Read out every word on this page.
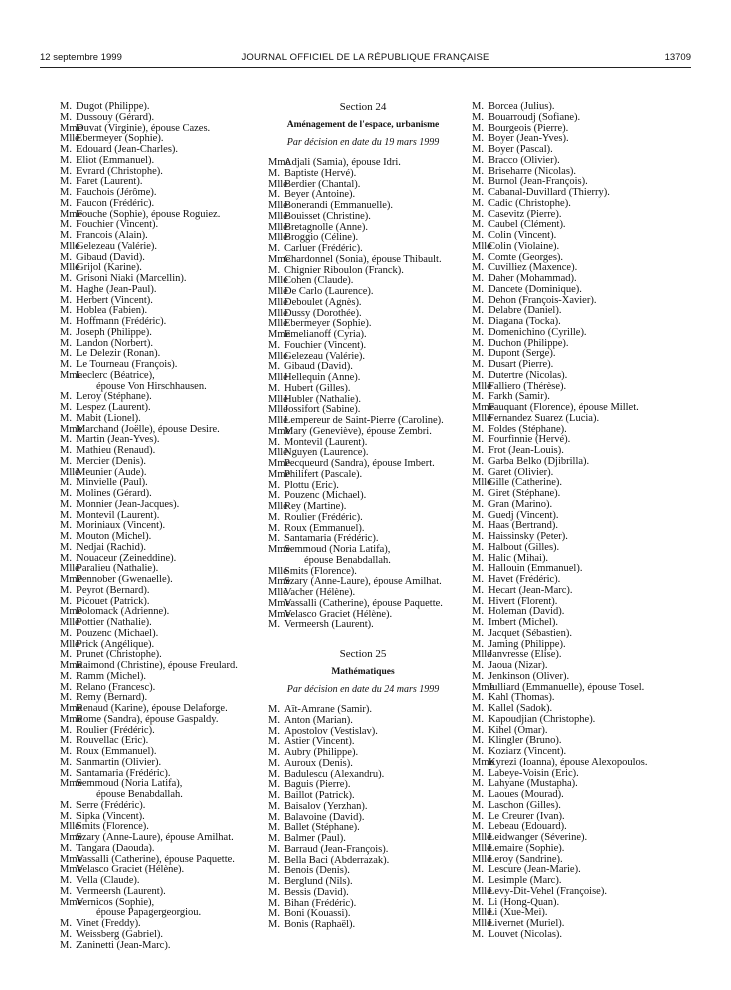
12 septembre 1999	JOURNAL OFFICIEL DE LA RÉPUBLIQUE FRANÇAISE	13709
M. Dugot (Philippe).
M. Dussouy (Gérard).
MmeDuvat (Virginie), épouse Cazes.
MlleEbermeyer (Sophie).
M. Edouard (Jean-Charles).
M. Eliot (Emmanuel).
M. Evrard (Christophe).
M. Faret (Laurent).
M. Fauchois (Jérôme).
M. Faucon (Frédéric).
MmeFouche (Sophie), épouse Roguiez.
M. Fouchier (Vincent).
M. Francois (Alain).
MlleGelezeau (Valérie).
M. Gibaud (David).
MlleGrijol (Karine).
M. Grisoni Niaki (Marcellin).
M. Haghe (Jean-Paul).
M. Herbert (Vincent).
M. Hoblea (Fabien).
M. Hoffmann (Frédéric).
M. Joseph (Philippe).
M. Landon (Norbert).
M. Le Delezir (Ronan).
M. Le Tourneau (François).
MmeLeclerc (Béatrice),
épouse Von Hirschhausen.
M. Leroy (Stéphane).
M. Lespez (Laurent).
M. Mabit (Lionel).
MmeMarchand (Joëlle), épouse Desire.
M. Martin (Jean-Yves).
M. Mathieu (Renaud).
M. Mercier (Denis).
MlleMeunier (Aude).
M. Minvielle (Paul).
M. Molines (Gérard).
M. Monnier (Jean-Jacques).
M. Montevil (Laurent).
M. Moriniaux (Vincent).
M. Mouton (Michel).
M. Nedjai (Rachid).
M. Nouaceur (Zeineddine).
MlleParalieu (Nathalie).
MmePennober (Gwenaelle).
M. Peyrot (Bernard).
M. Picouet (Patrick).
MmePolomack (Adrienne).
MllePottier (Nathalie).
M. Pouzenc (Michael).
MllePrick (Angélique).
M. Prunet (Christophe).
MmeRaimond (Christine), épouse Freulard.
M. Ramm (Michel).
M. Relano (Francesc).
M. Remy (Bernard).
MmeRenaud (Karine), épouse Delaforge.
MmeRome (Sandra), épouse Gaspaldy.
M. Roulier (Frédéric).
M. Rouvellac (Eric).
M. Roux (Emmanuel).
M. Sanmartin (Olivier).
M. Santamaria (Frédéric).
MmeSemmoud (Noria Latifa),
épouse Benabdallah.
M. Serre (Frédéric).
M. Sipka (Vincent).
MlleSmits (Florence).
MmeSzary (Anne-Laure), épouse Amilhat.
M. Tangara (Daouda).
MmeVassalli (Catherine), épouse Paquette.
MmeVelasco Graciet (Hélène).
M. Vella (Claude).
M. Vermeersh (Laurent).
MmeVernicos (Sophie),
épouse Papagergeorgiou.
M. Vinet (Freddy).
M. Weissberg (Gabriel).
M. Zaninetti (Jean-Marc).
Section 24
Aménagement de l'espace, urbanisme
Par décision en date du 19 mars 1999
MmeAdjali (Samia), épouse Idri.
M. Baptiste (Hervé).
MlleBerdier (Chantal).
M. Beyer (Antoine).
MlleBonerandi (Emmanuelle).
MlleBouisset (Christine).
MlleBretagnolle (Anne).
MlleBroggio (Céline).
M. Carluer (Frédéric).
MmeChardonnel (Sonia), épouse Thibault.
M. Chignier Riboulon (Franck).
MlleCohen (Claude).
MlleDe Carlo (Laurence).
MlleDeboulet (Agnès).
MlleDussy (Dorothée).
MlleEbermeyer (Sophie).
MmeEmelianoff (Cyria).
M. Fouchier (Vincent).
MlleGelezeau (Valérie).
M. Gibaud (David).
MlleHellequin (Anne).
M. Hubert (Gilles).
MlleHubler (Nathalie).
MlleJossifort (Sabine).
MlleLempereur de Saint-Pierre (Caroline).
MmeMary (Geneviève), épouse Zembri.
M. Montevil (Laurent).
MlleNguyen (Laurence).
MmePecqueurd (Sandra), épouse Imbert.
MmePhilifert (Pascale).
M. Plottu (Eric).
M. Pouzenc (Michael).
MlleRey (Martine).
M. Roulier (Frédéric).
M. Roux (Emmanuel).
M. Santamaria (Frédéric).
MmeSemmoud (Noria Latifa),
épouse Benabdallah.
MlleSmits (Florence).
MmeSzary (Anne-Laure), épouse Amilhat.
MlleVacher (Hélène).
MmeVassalli (Catherine), épouse Paquette.
MmeVelasco Graciet (Hélène).
M. Vermeersh (Laurent).
Section 25
Mathématiques
Par décision en date du 24 mars 1999
M. Aït-Amrane (Samir).
M. Anton (Marian).
M. Apostolov (Vestislav).
M. Astier (Vincent).
M. Aubry (Philippe).
M. Auroux (Denis).
M. Badulescu (Alexandru).
M. Baguis (Pierre).
M. Baillot (Patrick).
M. Baisalov (Yerzhan).
M. Balavoine (David).
M. Ballet (Stéphane).
M. Balmer (Paul).
M. Barraud (Jean-François).
M. Bella Baci (Abderrazak).
M. Benois (Denis).
M. Berglund (Nils).
M. Bessis (David).
M. Bihan (Frédéric).
M. Boni (Kouassi).
M. Bonis (Raphaël).
M. Borcea (Julius).
M. Bouarroudj (Sofiane).
M. Bourgeois (Pierre).
M. Boyer (Jean-Yves).
M. Boyer (Pascal).
M. Bracco (Olivier).
M. Briseharre (Nicolas).
M. Burnol (Jean-François).
M. Cabanal-Duvillard (Thierry).
M. Cadic (Christophe).
M. Casevitz (Pierre).
M. Caubel (Clément).
M. Colin (Vincent).
MlleColin (Violaine).
M. Comte (Georges).
M. Cuvilliez (Maxence).
M. Daher (Mohammad).
M. Dancete (Dominique).
M. Dehon (François-Xavier).
M. Delabre (Daniel).
M. Diagana (Tocka).
M. Domenichino (Cyrille).
M. Duchon (Philippe).
M. Dupont (Serge).
M. Dusart (Pierre).
M. Dutertre (Nicolas).
MlleFalliero (Thérèse).
M. Farkh (Samir).
MmeFauquant (Florence), épouse Millet.
MlleFernandez Suarez (Lucia).
M. Foldes (Stéphane).
M. Fourfinnie (Hervé).
M. Frot (Jean-Louis).
M. Garba Belko (Djibrilla).
M. Garet (Olivier).
MlleGille (Catherine).
M. Giret (Stéphane).
M. Gran (Marino).
M. Guedj (Vincent).
M. Haas (Bertrand).
M. Haissinsky (Peter).
M. Halbout (Gilles).
M. Halic (Mihai).
M. Hallouin (Emmanuel).
M. Havet (Frédéric).
M. Hecart (Jean-Marc).
M. Hivert (Florent).
M. Holeman (David).
M. Imbert (Michel).
M. Jacquet (Sébastien).
M. Jaming (Philippe).
MlleJanvresse (Elise).
M. Jaoua (Nizar).
M. Jenkinson (Oliver).
MmeJulliard (Emmanuelle), épouse Tosel.
M. Kahl (Thomas).
M. Kallel (Sadok).
M. Kapoudjian (Christophe).
M. Kihel (Omar).
M. Klingler (Bruno).
M. Koziarz (Vincent).
MmeKyrezi (Ioanna), épouse Alexopoulos.
M. Labeye-Voisin (Eric).
M. Lahyane (Mustapha).
M. Laoues (Mourad).
M. Laschon (Gilles).
M. Le Creurer (Ivan).
M. Lebeau (Edouard).
MlleLeidwanger (Séverine).
MlleLemaire (Sophie).
MlleLeroy (Sandrine).
M. Lescure (Jean-Marie).
M. Lesimple (Marc).
MlleLevy-Dit-Vehel (Françoise).
M. Li (Hong-Quan).
MlleLi (Xue-Mei).
MlleLivernet (Muriel).
M. Louvet (Nicolas).
